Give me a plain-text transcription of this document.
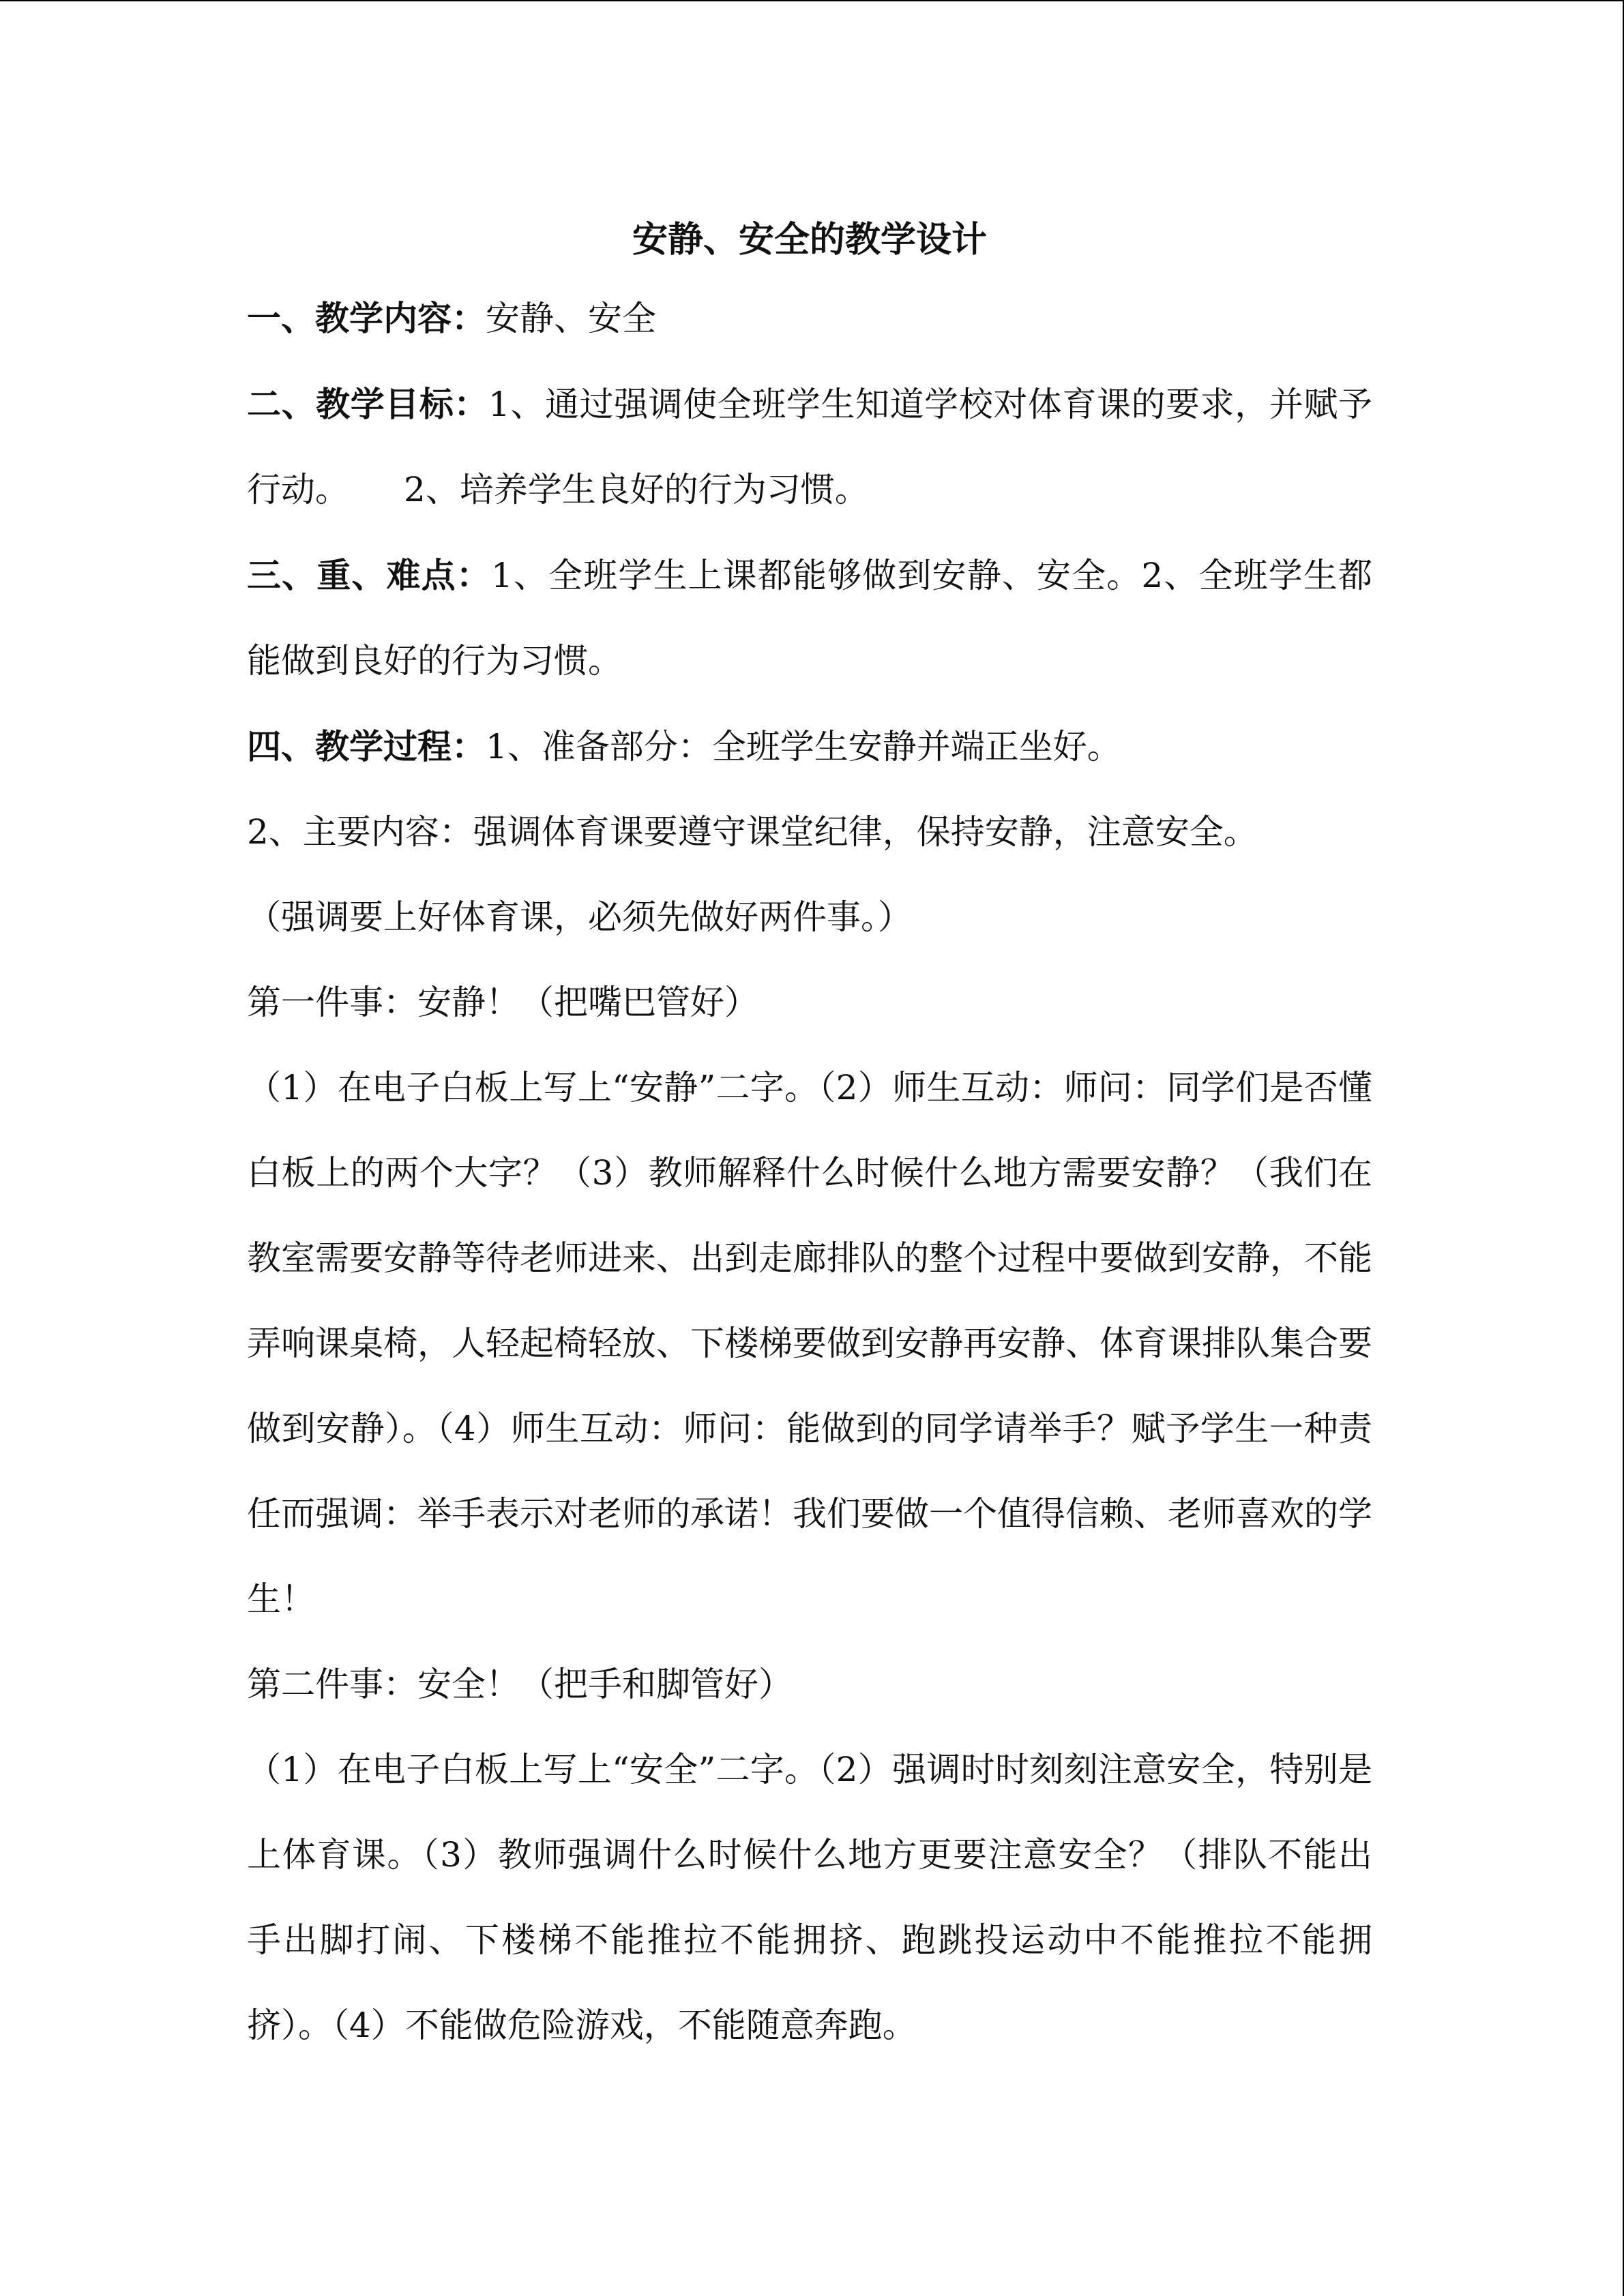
安静、安全的教学设计

一、教学内容：安静、安全

二、教学目标：1、通过强调使全班学生知道学校对体育课的要求，并赋予行动。 2、培养学生良好的行为习惯。

三、重、难点：1、全班学生上课都能够做到安静、安全。2、全班学生都能做到良好的行为习惯。

四、教学过程：1、准备部分：全班学生安静并端正坐好。

2、主要内容：强调体育课要遵守课堂纪律，保持安静，注意安全。

（强调要上好体育课，必须先做好两件事。）

第一件事：安静！（把嘴巴管好）

（1）在电子白板上写上“安静”二字。（2）师生互动：师问：同学们是否懂白板上的两个大字？（3）教师解释什么时候什么地方需要安静？（我们在教室需要安静等待老师进来、出到走廊排队的整个过程中要做到安静，不能弄响课桌椅，人轻起椅轻放、下楼梯要做到安静再安静、体育课排队集合要做到安静）。（4）师生互动：师问：能做到的同学请举手？赋予学生一种责任而强调：举手表示对老师的承诺！我们要做一个值得信赖、老师喜欢的学生！

第二件事：安全！（把手和脚管好）

（1）在电子白板上写上“安全”二字。（2）强调时时刻刻注意安全，特别是上体育课。（3）教师强调什么时候什么地方更要注意安全？（排队不能出手出脚打闹、下楼梯不能推拉不能拥挤、跑跳投运动中不能推拉不能拥挤）。（4）不能做危险游戏，不能随意奔跑。
